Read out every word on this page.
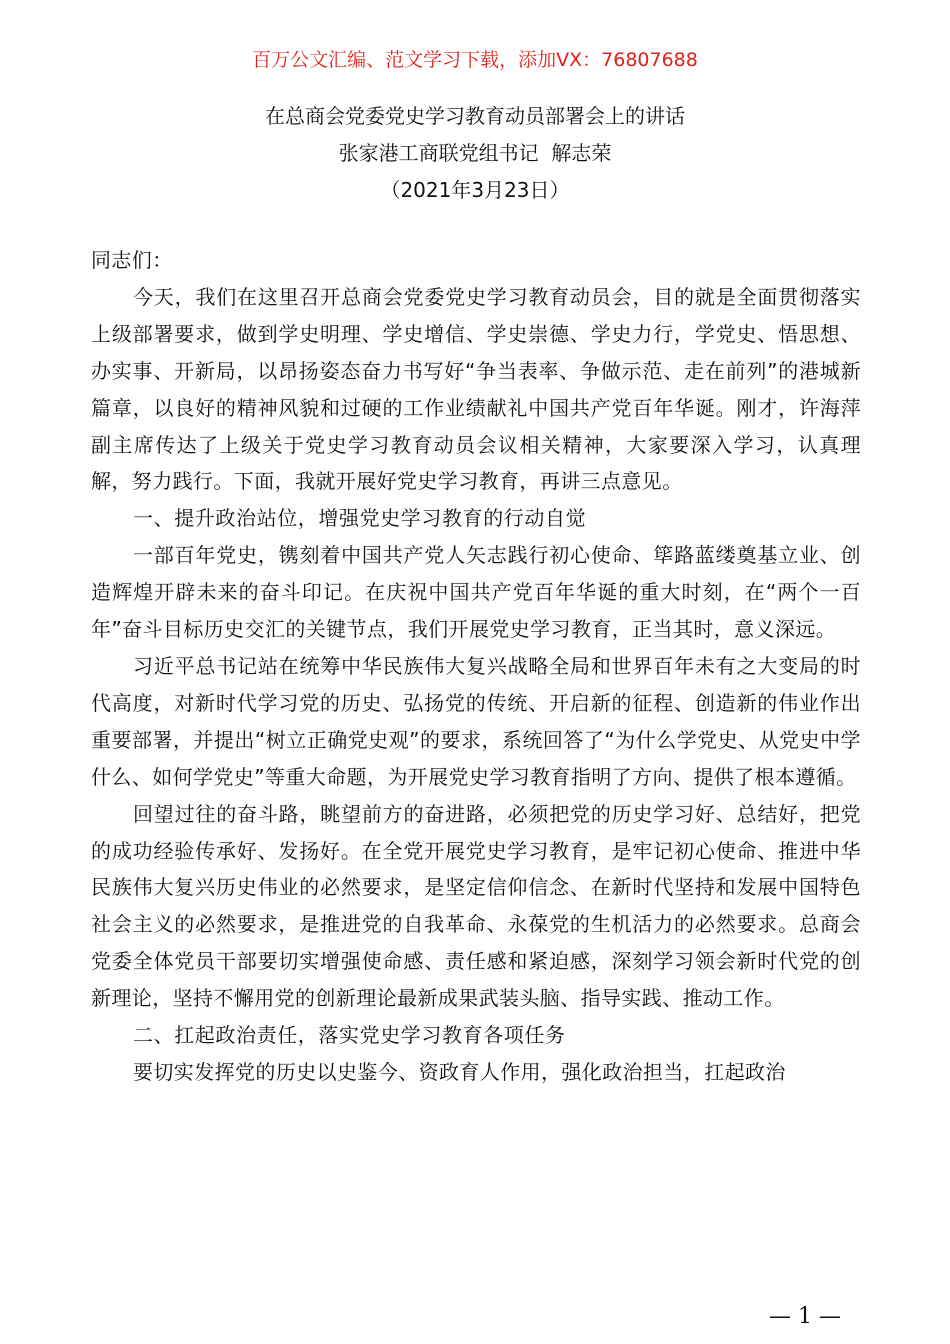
百万公文汇编、范文学习下载，添加VX：76807688
在总商会党委党史学习教育动员部署会上的讲话
张家港工商联党组书记  解志荣
（2021年3月23日）

同志们：

今天，我们在这里召开总商会党委党史学习教育动员会，目的就是全面贯彻落实上级部署要求，做到学史明理、学史增信、学史崇德、学史力行，学党史、悟思想、办实事、开新局，以昂扬姿态奋力书写好“争当表率、争做示范、走在前列”的港城新篇章，以良好的精神风貌和过硬的工作业绩献礼中国共产党百年华诞。刚才，许海萍副主席传达了上级关于党史学习教育动员会议相关精神，大家要深入学习，认真理解，努力践行。下面，我就开展好党史学习教育，再讲三点意见。

一、提升政治站位，增强党史学习教育的行动自觉

一部百年党史，镌刻着中国共产党人矢志践行初心使命、筚路蓝缕奠基立业、创造辉煌开辟未来的奋斗印记。在庆祝中国共产党百年华诞的重大时刻，在“两个一百年”奋斗目标历史交汇的关键节点，我们开展党史学习教育，正当其时，意义深远。

习近平总书记站在统筹中华民族伟大复兴战略全局和世界百年未有之大变局的时代高度，对新时代学习党的历史、弘扬党的传统、开启新的征程、创造新的伟业作出重要部署，并提出“树立正确党史观”的要求，系统回答了“为什么学党史、从党史中学什么、如何学党史”等重大命题，为开展党史学习教育指明了方向、提供了根本遵循。

回望过往的奋斗路，眺望前方的奋进路，必须把党的历史学习好、总结好，把党的成功经验传承好、发扬好。在全党开展党史学习教育，是牢记初心使命、推进中华民族伟大复兴历史伟业的必然要求，是坚定信仰信念、在新时代坚持和发展中国特色社会主义的必然要求，是推进党的自我革命、永葆党的生机活力的必然要求。总商会党委全体党员干部要切实增强使命感、责任感和紧迫感，深刻学习领会新时代党的创新理论，坚持不懈用党的创新理论最新成果武装头脑、指导实践、推动工作。

二、扛起政治责任，落实党史学习教育各项任务

要切实发挥党的历史以史鉴今、资政育人作用，强化政治担当，扛起政治

— 1 —
